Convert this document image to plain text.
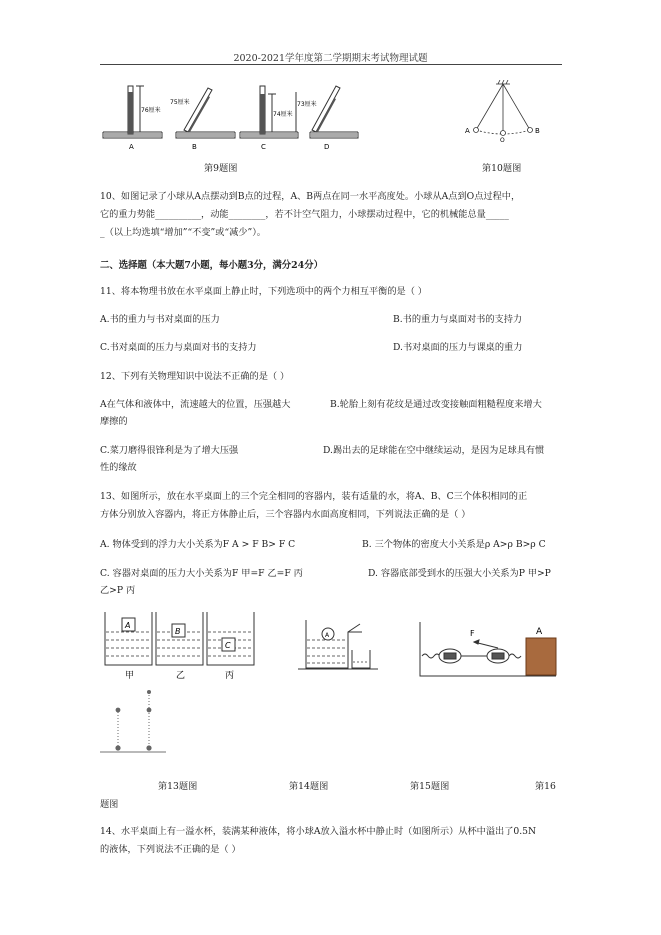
2020-2021学年度第二学期期末考试物理试题
76厘米
75厘米
74厘米
73厘米
A	B	C	D
第9题图
A
O
B
第10题图
10、如图记录了小球从A点摆动到B点的过程，A、B两点在同一水平高度处。小球从A点到O点过程中，
它的重力势能__________，动能________，若不计空气阻力，小球摆动过程中，它的机械能总量_____
_（以上均选填“增加”“不变”或“减少”）。
二、选择题（本大题7小题，每小题3分，满分24分）
11、将本物理书放在水平桌面上静止时，下列选项中的两个力相互平衡的是（ ）
A.书的重力与书对桌面的压力	B.书的重力与桌面对书的支持力
C.书对桌面的压力与桌面对书的支持力	D.书对桌面的压力与课桌的重力
12、下列有关物理知识中说法不正确的是（ ）
A在气体和液体中，流速越大的位置，压强越大	B.轮胎上刻有花纹是通过改变接触面粗糙程度来增大
摩擦的
C.菜刀磨得很锋利是为了增大压强	D.踢出去的足球能在空中继续运动，是因为足球具有惯
性的缘故
13、如图所示，放在水平桌面上的三个完全相同的容器内，装有适量的水，将A、B、C三个体积相同的正
方体分别放入容器内，将正方体静止后，三个容器内水面高度相同，下列说法正确的是（ ）
A. 物体受到的浮力大小关系为F A > F B> F C	B. 三个物体的密度大小关系是ρ A>ρ B>ρ C
C. 容器对桌面的压力大小关系为F 甲=F 乙=F 丙	D. 容器底部受到水的压强大小关系为P 甲>P
乙>P 丙
A
B
C
甲	乙	丙
A	A
F
第13题图	第14题图	第15题图	第16
题图
14、水平桌面上有一溢水杯，装满某种液体，将小球A放入溢水杯中静止时（如图所示）从杯中溢出了0.5N
的液体，下列说法不正确的是（ ）
